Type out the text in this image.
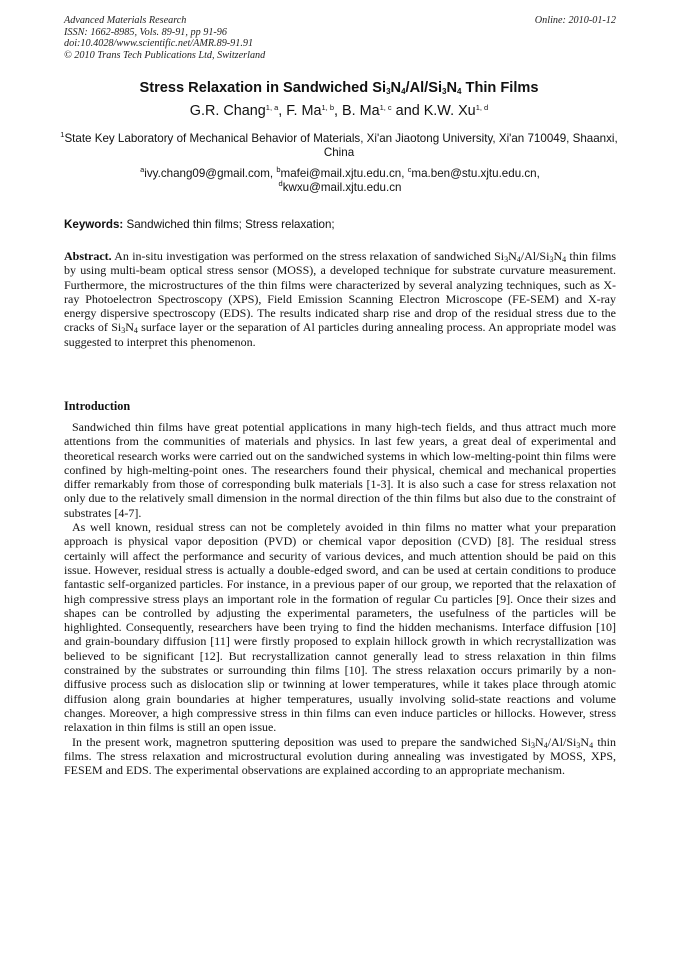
Advanced Materials Research
ISSN: 1662-8985, Vols. 89-91, pp 91-96
doi:10.4028/www.scientific.net/AMR.89-91.91
© 2010 Trans Tech Publications Ltd, Switzerland
Online: 2010-01-12
Stress Relaxation in Sandwiched $Si_3N_4/Al/Si_3N_4$ Thin Films
G.R. Chang$^{1, a}$, F. Ma$^{1, b}$, B. Ma$^{1, c}$ and K.W. Xu$^{1, d}$
$^1$State Key Laboratory of Mechanical Behavior of Materials, Xi'an Jiaotong University, Xi'an 710049, Shaanxi, China
$^a$ivy.chang09@gmail.com, $^b$mafei@mail.xjtu.edu.cn, $^c$ma.ben@stu.xjtu.edu.cn,
$^d$kwxu@mail.xjtu.edu.cn
Keywords: Sandwiched thin films; Stress relaxation;
Abstract. An in-situ investigation was performed on the stress relaxation of sandwiched $Si_3N_4/Al/Si_3N_4$ thin films by using multi-beam optical stress sensor (MOSS), a developed technique for substrate curvature measurement. Furthermore, the microstructures of the thin films were characterized by several analyzing techniques, such as X-ray Photoelectron Spectroscopy (XPS), Field Emission Scanning Electron Microscope (FE-SEM) and X-ray energy dispersive spectroscopy (EDS). The results indicated sharp rise and drop of the residual stress due to the cracks of $Si_3N_4$ surface layer or the separation of Al particles during annealing process. An appropriate model was suggested to interpret this phenomenon.
Introduction

Sandwiched thin films have great potential applications in many high-tech fields, and thus attract much more attentions from the communities of materials and physics. In last few years, a great deal of experimental and theoretical research works were carried out on the sandwiched systems in which low-melting-point thin films were confined by high-melting-point ones. The researchers found their physical, chemical and mechanical properties differ remarkably from those of corresponding bulk materials [1-3]. It is also such a case for stress relaxation not only due to the relatively small dimension in the normal direction of the thin films but also due to the constraint of substrates [4-7].

As well known, residual stress can not be completely avoided in thin films no matter what your preparation approach is physical vapor deposition (PVD) or chemical vapor deposition (CVD) [8]. The residual stress certainly will affect the performance and security of various devices, and much attention should be paid on this issue. However, residual stress is actually a double-edged sword, and can be used at certain conditions to produce fantastic self-organized particles. For instance, in a previous paper of our group, we reported that the relaxation of high compressive stress plays an important role in the formation of regular Cu particles [9]. Once their sizes and shapes can be controlled by adjusting the experimental parameters, the usefulness of the particles will be highlighted. Consequently, researchers have been trying to find the hidden mechanisms. Interface diffusion [10] and grain-boundary diffusion [11] were firstly proposed to explain hillock growth in which recrystallization was believed to be significant [12]. But recrystallization cannot generally lead to stress relaxation in thin films constrained by the substrates or surrounding thin films [10]. The stress relaxation occurs primarily by a non-diffusive process such as dislocation slip or twinning at lower temperatures, while it takes place through atomic diffusion along grain boundaries at higher temperatures, usually involving solid-state reactions and volume changes. Moreover, a high compressive stress in thin films can even induce particles or hillocks. However, stress relaxation in thin films is still an open issue.

In the present work, magnetron sputtering deposition was used to prepare the sandwiched $Si_3N_4/Al/Si_3N_4$ thin films. The stress relaxation and microstructural evolution during annealing was investigated by MOSS, XPS, FESEM and EDS. The experimental observations are explained according to an appropriate mechanism.
